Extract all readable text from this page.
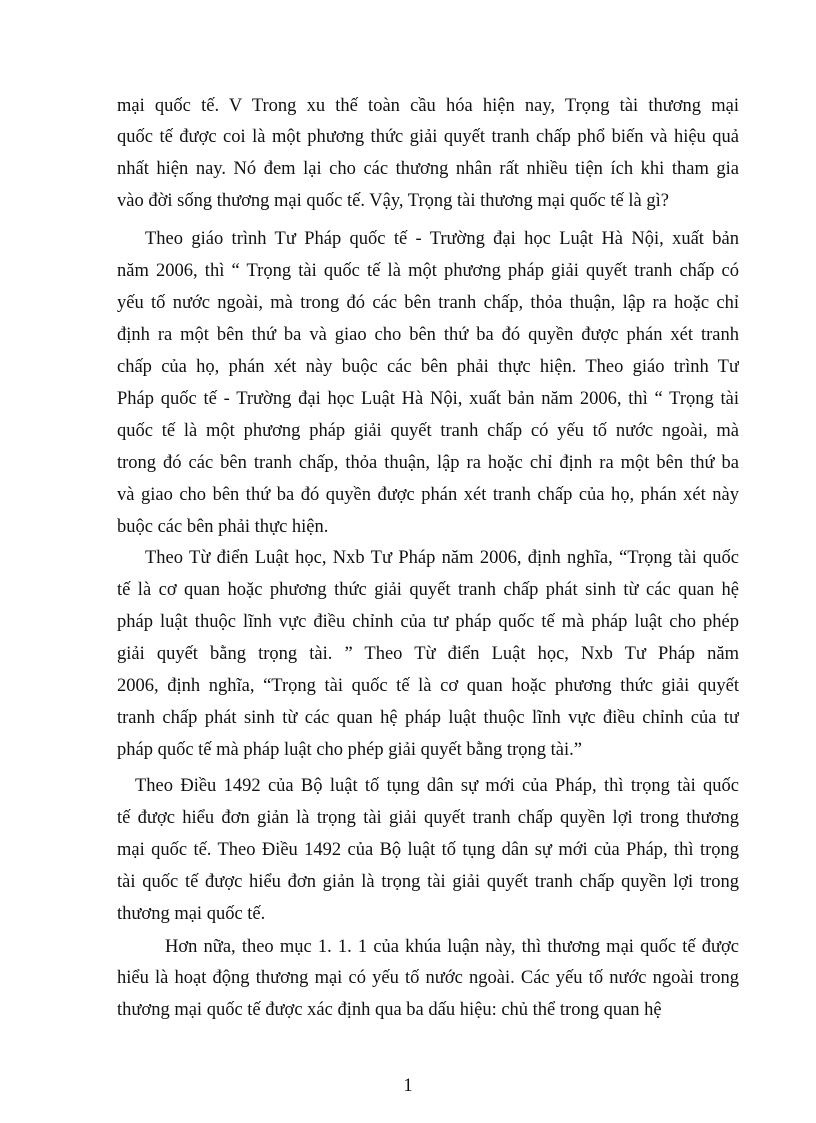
mại quốc tế. V Trong xu thế toàn cầu hóa hiện nay, Trọng tài thương mại
quốc tế được coi là một phương thức giải quyết tranh chấp phổ biến và hiệu quả
nhất hiện nay. Nó đem lại cho các thương nhân rất nhiều tiện ích khi tham gia
vào đời sống thương mại quốc tế. Vậy, Trọng tài thương mại quốc tế là gì?
Theo giáo trình Tư Pháp quốc tế - Trường đại học Luật Hà Nội, xuất bản
năm 2006, thì “ Trọng tài quốc tế là một phương pháp giải quyết tranh chấp có
yếu tố nước ngoài, mà trong đó các bên tranh chấp, thỏa thuận, lập ra hoặc chỉ
định ra một bên thứ ba và giao cho bên thứ ba đó quyền được phán xét tranh
chấp của họ, phán xét này buộc các bên phải thực hiện. Theo giáo trình Tư
Pháp quốc tế - Trường đại học Luật Hà Nội, xuất bản năm 2006, thì “ Trọng tài
quốc tế là một phương pháp giải quyết tranh chấp có yếu tố nước ngoài, mà
trong đó các bên tranh chấp, thỏa thuận, lập ra hoặc chỉ định ra một bên thứ ba
và giao cho bên thứ ba đó quyền được phán xét tranh chấp của họ, phán xét này
buộc các bên phải thực hiện.
Theo Từ điển Luật học, Nxb Tư Pháp năm 2006, định nghĩa, “Trọng tài quốc
tế là cơ quan hoặc phương thức giải quyết tranh chấp phát sinh từ các quan hệ
pháp luật thuộc lĩnh vực điều chỉnh của tư pháp quốc tế mà pháp luật cho phép
giải quyết bằng trọng tài. ” Theo Từ điển Luật học, Nxb Tư Pháp năm
2006, định nghĩa, “Trọng tài quốc tế là cơ quan hoặc phương thức giải quyết
tranh chấp phát sinh từ các quan hệ pháp luật thuộc lĩnh vực điều chỉnh của tư
pháp quốc tế mà pháp luật cho phép giải quyết bằng trọng tài.”
Theo Điều 1492 của Bộ luật tố tụng dân sự mới của Pháp, thì trọng tài quốc
tế được hiểu đơn giản là trọng tài giải quyết tranh chấp quyền lợi trong thương
mại quốc tế. Theo Điều 1492 của Bộ luật tố tụng dân sự mới của Pháp, thì trọng
tài quốc tế được hiểu đơn giản là trọng tài giải quyết tranh chấp quyền lợi trong
thương mại quốc tế.
Hơn nữa, theo mục 1. 1. 1 của khúa luận này, thì thương mại quốc tế được
hiểu là hoạt động thương mại có yếu tố nước ngoài. Các yếu tố nước ngoài trong
thương mại quốc tế được xác định qua ba dấu hiệu: chủ thể trong quan hệ
1
